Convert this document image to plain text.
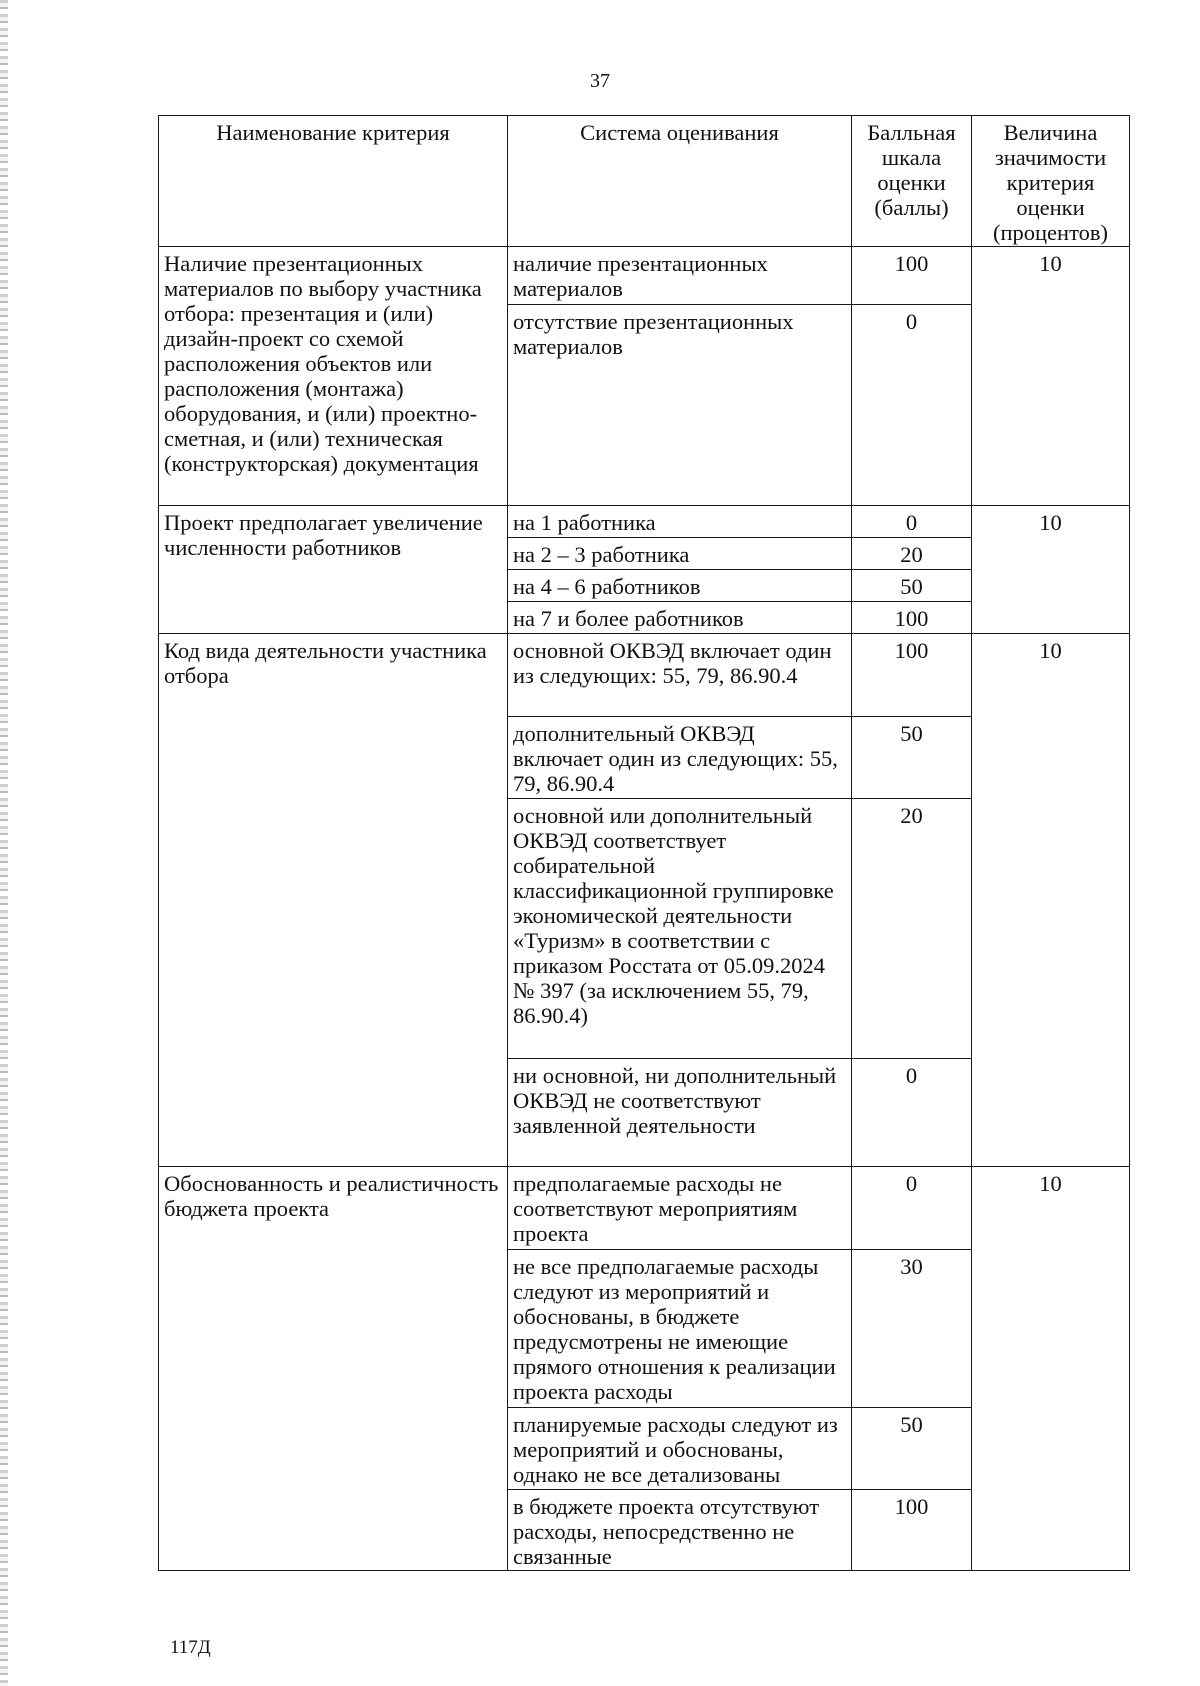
37
Наименование критерия	Система оценивания	Балльная шкала оценки (баллы)	Величина значимости критерия оценки (процентов)
Наличие презентационных материалов по выбору участника отбора: презентация и (или) дизайн-проект со схемой расположения объектов или расположения (монтажа) оборудования, и (или) проектно-сметная, и (или) техническая (конструкторская) документация	наличие презентационных материалов	100	10
	отсутствие презентационных материалов	0	
Проект предполагает увеличение численности работников	на 1 работника	0	10
	на 2 – 3 работника	20	
	на 4 – 6 работников	50	
	на 7 и более работников	100	
Код вида деятельности участника отбора	основной ОКВЭД включает один из следующих: 55, 79, 86.90.4	100	10
	дополнительный ОКВЭД включает один из следующих: 55, 79, 86.90.4	50	
	основной или дополнительный ОКВЭД соответствует собирательной классификационной группировке экономической деятельности «Туризм» в соответствии с приказом Росстата от 05.09.2024 № 397 (за исключением 55, 79, 86.90.4)	20	
	ни основной, ни дополнительный ОКВЭД не соответствуют заявленной деятельности	0	
Обоснованность и реалистичность бюджета проекта	предполагаемые расходы не соответствуют мероприятиям проекта	0	10
	не все предполагаемые расходы следуют из мероприятий и обоснованы, в бюджете предусмотрены не имеющие прямого отношения к реализации проекта расходы	30	
	планируемые расходы следуют из мероприятий и обоснованы, однако не все детализованы	50	
	в бюджете проекта отсутствуют расходы, непосредственно не связанные	100	
117Д
